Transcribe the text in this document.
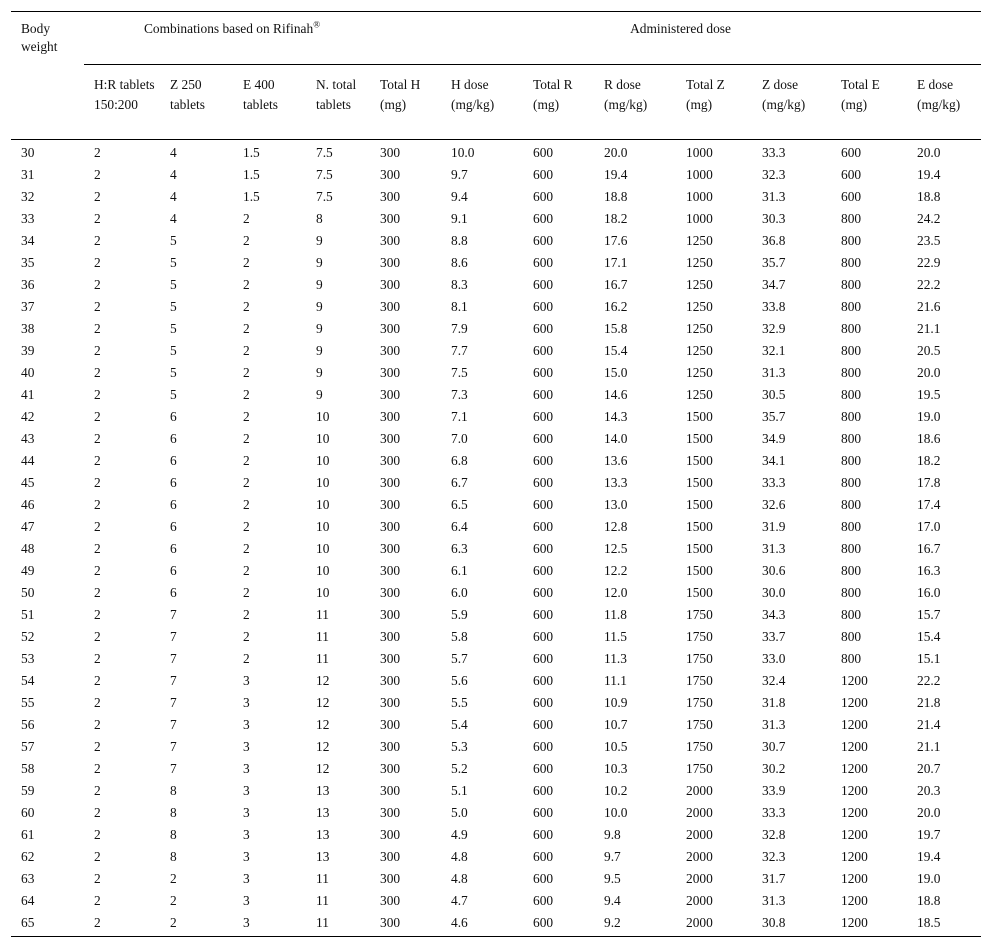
Body weight	Combinations based on Rifinah®				Administered dose							
	H:R tablets 150:200	Z 250 tablets	E 400 tablets	N. total tablets	Total H (mg)	H dose (mg/kg)	Total R (mg)	R dose (mg/kg)	Total Z (mg)	Z dose (mg/kg)	Total E (mg)	E dose (mg/kg)
30	2	4	1.5	7.5	300	10.0	600	20.0	1000	33.3	600	20.0
31	2	4	1.5	7.5	300	9.7	600	19.4	1000	32.3	600	19.4
32	2	4	1.5	7.5	300	9.4	600	18.8	1000	31.3	600	18.8
33	2	4	2	8	300	9.1	600	18.2	1000	30.3	800	24.2
34	2	5	2	9	300	8.8	600	17.6	1250	36.8	800	23.5
35	2	5	2	9	300	8.6	600	17.1	1250	35.7	800	22.9
36	2	5	2	9	300	8.3	600	16.7	1250	34.7	800	22.2
37	2	5	2	9	300	8.1	600	16.2	1250	33.8	800	21.6
38	2	5	2	9	300	7.9	600	15.8	1250	32.9	800	21.1
39	2	5	2	9	300	7.7	600	15.4	1250	32.1	800	20.5
40	2	5	2	9	300	7.5	600	15.0	1250	31.3	800	20.0
41	2	5	2	9	300	7.3	600	14.6	1250	30.5	800	19.5
42	2	6	2	10	300	7.1	600	14.3	1500	35.7	800	19.0
43	2	6	2	10	300	7.0	600	14.0	1500	34.9	800	18.6
44	2	6	2	10	300	6.8	600	13.6	1500	34.1	800	18.2
45	2	6	2	10	300	6.7	600	13.3	1500	33.3	800	17.8
46	2	6	2	10	300	6.5	600	13.0	1500	32.6	800	17.4
47	2	6	2	10	300	6.4	600	12.8	1500	31.9	800	17.0
48	2	6	2	10	300	6.3	600	12.5	1500	31.3	800	16.7
49	2	6	2	10	300	6.1	600	12.2	1500	30.6	800	16.3
50	2	6	2	10	300	6.0	600	12.0	1500	30.0	800	16.0
51	2	7	2	11	300	5.9	600	11.8	1750	34.3	800	15.7
52	2	7	2	11	300	5.8	600	11.5	1750	33.7	800	15.4
53	2	7	2	11	300	5.7	600	11.3	1750	33.0	800	15.1
54	2	7	3	12	300	5.6	600	11.1	1750	32.4	1200	22.2
55	2	7	3	12	300	5.5	600	10.9	1750	31.8	1200	21.8
56	2	7	3	12	300	5.4	600	10.7	1750	31.3	1200	21.4
57	2	7	3	12	300	5.3	600	10.5	1750	30.7	1200	21.1
58	2	7	3	12	300	5.2	600	10.3	1750	30.2	1200	20.7
59	2	8	3	13	300	5.1	600	10.2	2000	33.9	1200	20.3
60	2	8	3	13	300	5.0	600	10.0	2000	33.3	1200	20.0
61	2	8	3	13	300	4.9	600	9.8	2000	32.8	1200	19.7
62	2	8	3	13	300	4.8	600	9.7	2000	32.3	1200	19.4
63	2	2	3	11	300	4.8	600	9.5	2000	31.7	1200	19.0
64	2	2	3	11	300	4.7	600	9.4	2000	31.3	1200	18.8
65	2	2	3	11	300	4.6	600	9.2	2000	30.8	1200	18.5
